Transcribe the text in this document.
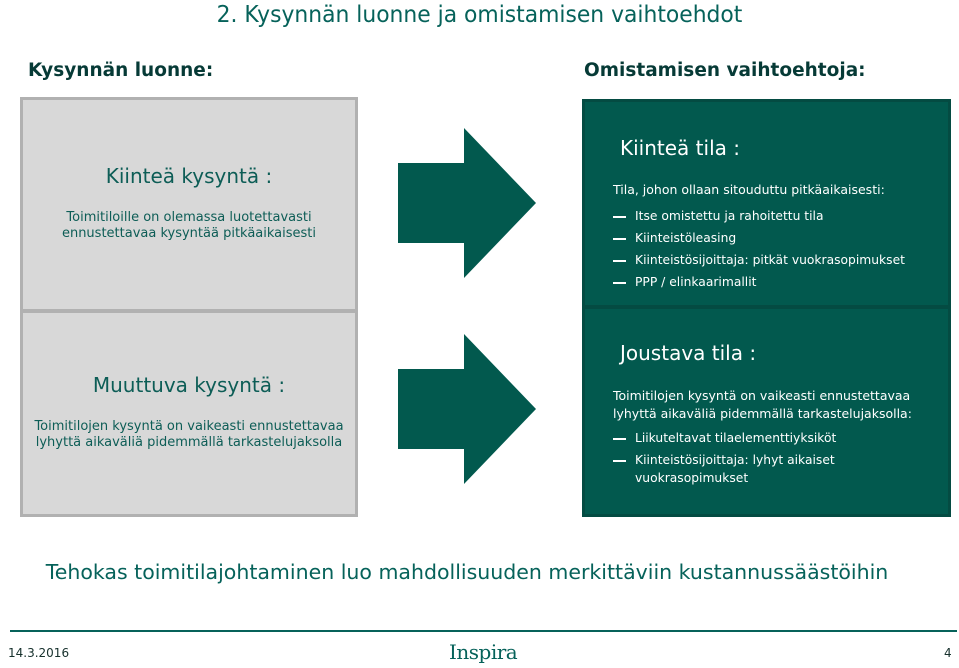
2. Kysynnän luonne ja omistamisen vaihtoehdot
Kysynnän luonne:	Omistamisen vaihtoehtoja:
Kiinteä kysyntä :
Toimitiloille on olemassa luotettavasti
ennustettavaa kysyntää pitkäaikaisesti
Muuttuva kysyntä :
Toimitilojen kysyntä on vaikeasti ennustettavaa
lyhyttä aikaväliä pidemmällä tarkastelujaksolla
Kiinteä tila :
Tila, johon ollaan sitouduttu pitkäaikaisesti:
Itse omistettu ja rahoitettu tila
Kiinteistöleasing
Kiinteistösijoittaja: pitkät vuokrasopimukset
PPP / elinkaarimallit
Joustava tila :
Toimitilojen kysyntä on vaikeasti ennustettavaa
lyhyttä aikaväliä pidemmällä tarkastelujaksolla:
Liikuteltavat tilaelementtiyksiköt
Kiinteistösijoittaja: lyhyt aikaiset vuokrasopimukset
Tehokas toimitilajohtaminen luo mahdollisuuden merkittäviin kustannussäästöihin
14.3.2016	Inspira	4
